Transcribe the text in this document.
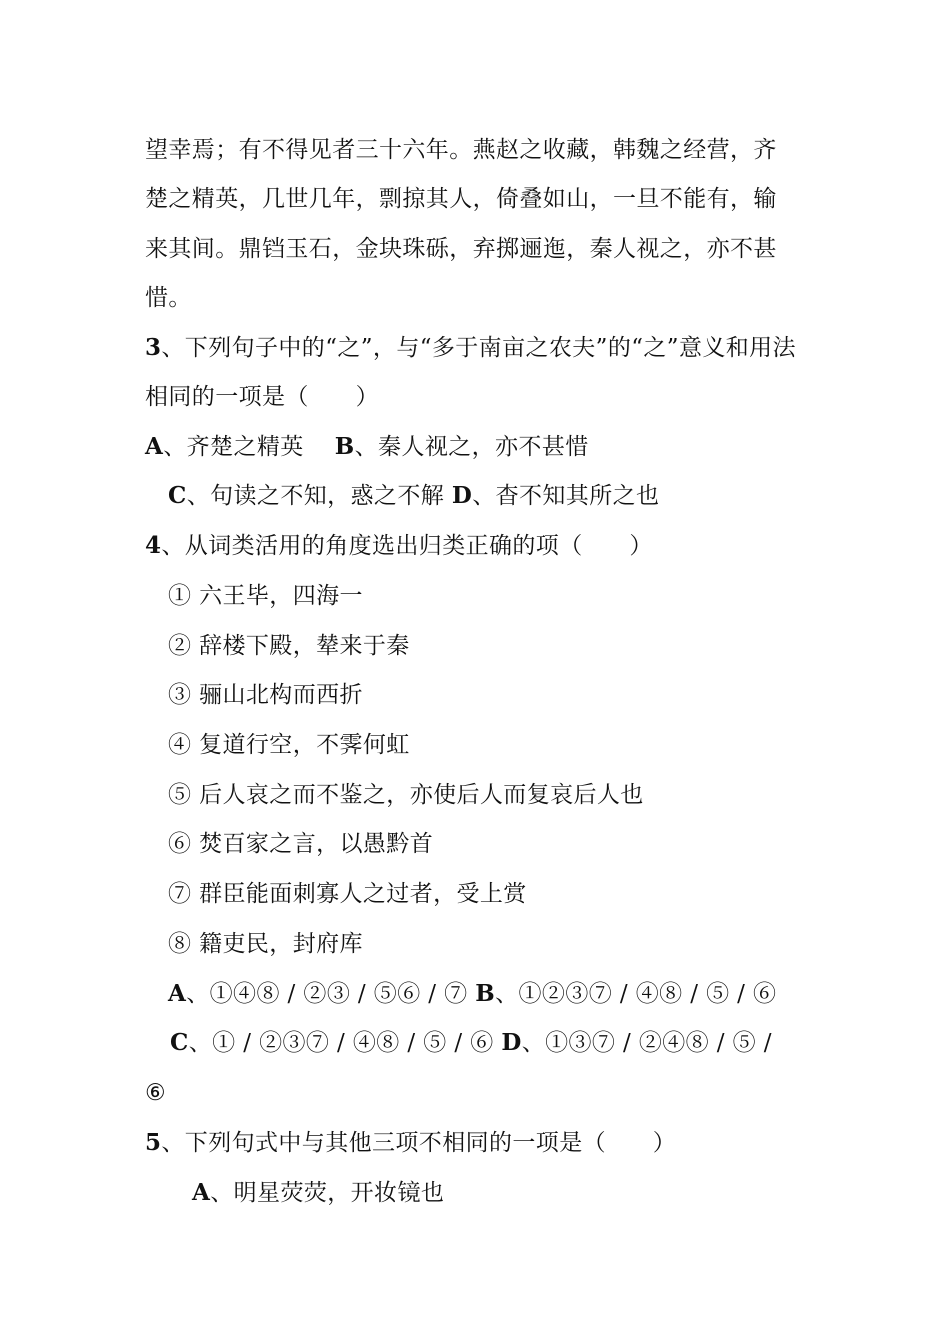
望幸焉；有不得见者三十六年。燕赵之收藏，韩魏之经营，齐
楚之精英，几世几年，剽掠其人，倚叠如山，一旦不能有，输
来其间。鼎铛玉石，金块珠砾，弃掷逦迤，秦人视之，亦不甚
惜。
3、下列句子中的“之”，与“多于南亩之农夫”的“之”意义和用法
相同的一项是（　　）
A、齐楚之精英　 B、秦人视之，亦不甚惜
C、句读之不知，惑之不解 D、杳不知其所之也
4、从词类活用的角度选出归类正确的项（　　）
① 六王毕，四海一
② 辞楼下殿，辇来于秦
③ 骊山北构而西折
④ 复道行空，不霁何虹
⑤ 后人哀之而不鉴之，亦使后人而复哀后人也
⑥ 焚百家之言，以愚黔首
⑦ 群臣能面刺寡人之过者，受上赏
⑧ 籍吏民，封府库
A、①④⑧ / ②③ / ⑤⑥ / ⑦ B、①②③⑦ / ④⑧ / ⑤ / ⑥
C、① / ②③⑦ / ④⑧ / ⑤ / ⑥ D、①③⑦ / ②④⑧ / ⑤ /
⑥
5、下列句式中与其他三项不相同的一项是（　　）
A、明星荧荧，开妆镜也
